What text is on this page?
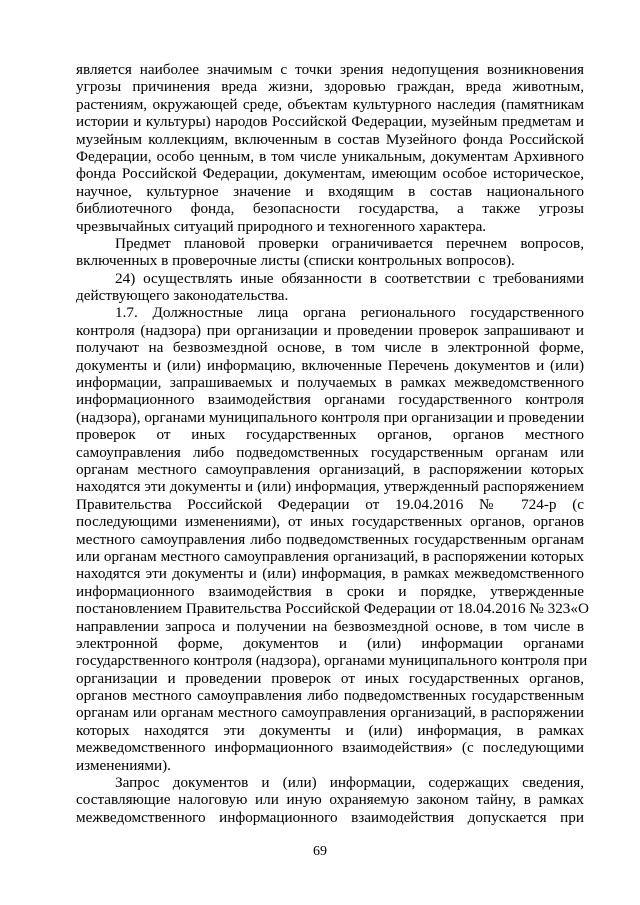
является наиболее значимым с точки зрения недопущения возникновения
угрозы причинения вреда жизни, здоровью граждан, вреда животным,
растениям, окружающей среде, объектам культурного наследия (памятникам
истории и культуры) народов Российской Федерации, музейным предметам и
музейным коллекциям, включенным в состав Музейного фонда Российской
Федерации, особо ценным, в том числе уникальным, документам Архивного
фонда Российской Федерации, документам, имеющим особое историческое,
научное, культурное значение и входящим в состав национального
библиотечного фонда, безопасности государства, а также угрозы
чрезвычайных ситуаций природного и техногенного характера.
Предмет плановой проверки ограничивается перечнем вопросов,
включенных в проверочные листы (списки контрольных вопросов).
24) осуществлять иные обязанности в соответствии с требованиями
действующего законодательства.
1.7. Должностные лица органа регионального государственного
контроля (надзора) при организации и проведении проверок запрашивают и
получают на безвозмездной основе, в том числе в электронной форме,
документы и (или) информацию, включенные Перечень документов и (или)
информации, запрашиваемых и получаемых в рамках межведомственного
информационного взаимодействия органами государственного контроля
(надзора), органами муниципального контроля при организации и проведении
проверок от иных государственных органов, органов местного
самоуправления либо подведомственных государственным органам или
органам местного самоуправления организаций, в распоряжении которых
находятся эти документы и (или) информация, утвержденный распоряжением
Правительства Российской Федерации от 19.04.2016 № 724-р (с
последующими изменениями), от иных государственных органов, органов
местного самоуправления либо подведомственных государственным органам
или органам местного самоуправления организаций, в распоряжении которых
находятся эти документы и (или) информация, в рамках межведомственного
информационного взаимодействия в сроки и порядке, утвержденные
постановлением Правительства Российской Федерации от 18.04.2016 № 323«О
направлении запроса и получении на безвозмездной основе, в том числе в
электронной форме, документов и (или) информации органами
государственного контроля (надзора), органами муниципального контроля при
организации и проведении проверок от иных государственных органов,
органов местного самоуправления либо подведомственных государственным
органам или органам местного самоуправления организаций, в распоряжении
которых находятся эти документы и (или) информация, в рамках
межведомственного информационного взаимодействия» (с последующими
изменениями).
Запрос документов и (или) информации, содержащих сведения,
составляющие налоговую или иную охраняемую законом тайну, в рамках
межведомственного информационного взаимодействия допускается при
69
